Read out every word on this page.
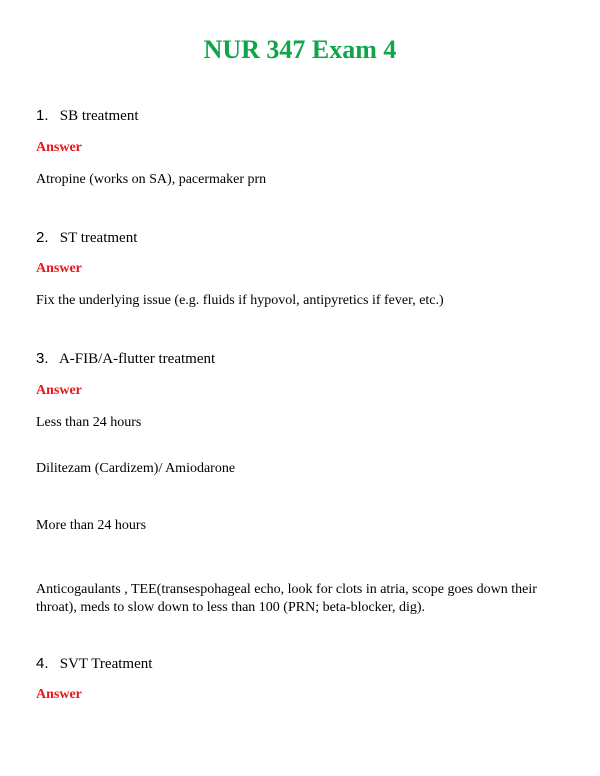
NUR 347 Exam 4
1. SB treatment
Answer
Atropine (works on SA), pacermaker prn
2. ST treatment
Answer
Fix the underlying issue (e.g. fluids if hypovol, antipyretics if fever, etc.)
3. A-FIB/A-flutter treatment
Answer
Less than 24 hours
Dilitezam (Cardizem)/ Amiodarone
More than 24 hours
Anticogaulants , TEE(transespohageal echo, look for clots in atria, scope goes down their
throat), meds to slow down to less than 100 (PRN; beta-blocker, dig).
4. SVT Treatment
Answer
